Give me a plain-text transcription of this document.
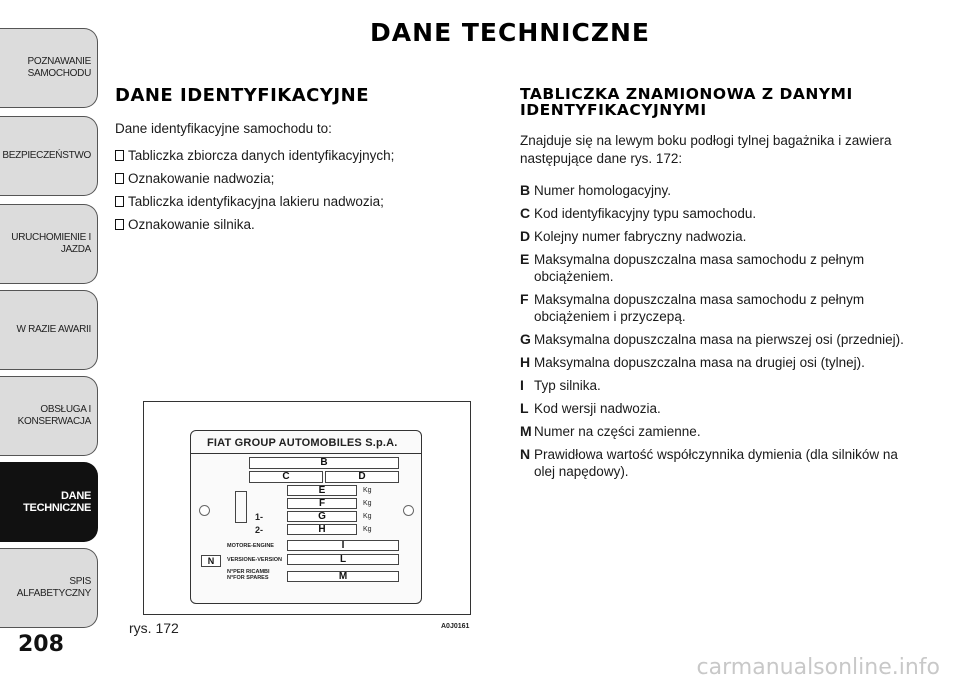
POZNAWANIE
SAMOCHODU
BEZPIECZEŃSTWO
URUCHOMIENIE I
JAZDA
W RAZIE AWARII
OBSŁUGA I
KONSERWACJA
DANE
TECHNICZNE
SPIS ALFABETYCZNY
208
DANE TECHNICZNE
DANE IDENTYFIKACYJNE

Dane identyfikacyjne samochodu to:

Tabliczka zbiorcza danych identyfikacyjnych;
Oznakowanie nadwozia;
Tabliczka identyfikacyjna lakieru nadwozia;
Oznakowanie silnika.
TABLICZKA ZNAMIONOWA Z DANYMI IDENTYFIKACYJNYMI

Znajduje się na lewym boku podłogi tylnej bagażnika i zawiera następujące dane rys. 172:

B Numer homologacyjny.
C Kod identyfikacyjny typu samochodu.
D Kolejny numer fabryczny nadwozia.
E Maksymalna dopuszczalna masa samochodu z pełnym obciążeniem.
F Maksymalna dopuszczalna masa samochodu z pełnym obciążeniem i przyczepą.
G Maksymalna dopuszczalna masa na pierwszej osi (przedniej).
H Maksymalna dopuszczalna masa na drugiej osi (tylnej).
I Typ silnika.
L Kod wersji nadwozia.
M Numer na części zamienne.
N Prawidłowa wartość współczynnika dymienia (dla silników na olej napędowy).
FIAT GROUP AUTOMOBILES S.p.A.
B
C	D
E	Kg
F	Kg
1-	G	Kg
2-	H	Kg
MOTORE-ENGINE	I
VERSIONE-VERSION	L
N°PER RICAMBI
N°FOR SPARES	M
N
rys. 172	A0J0161
carmanualsonline.info
